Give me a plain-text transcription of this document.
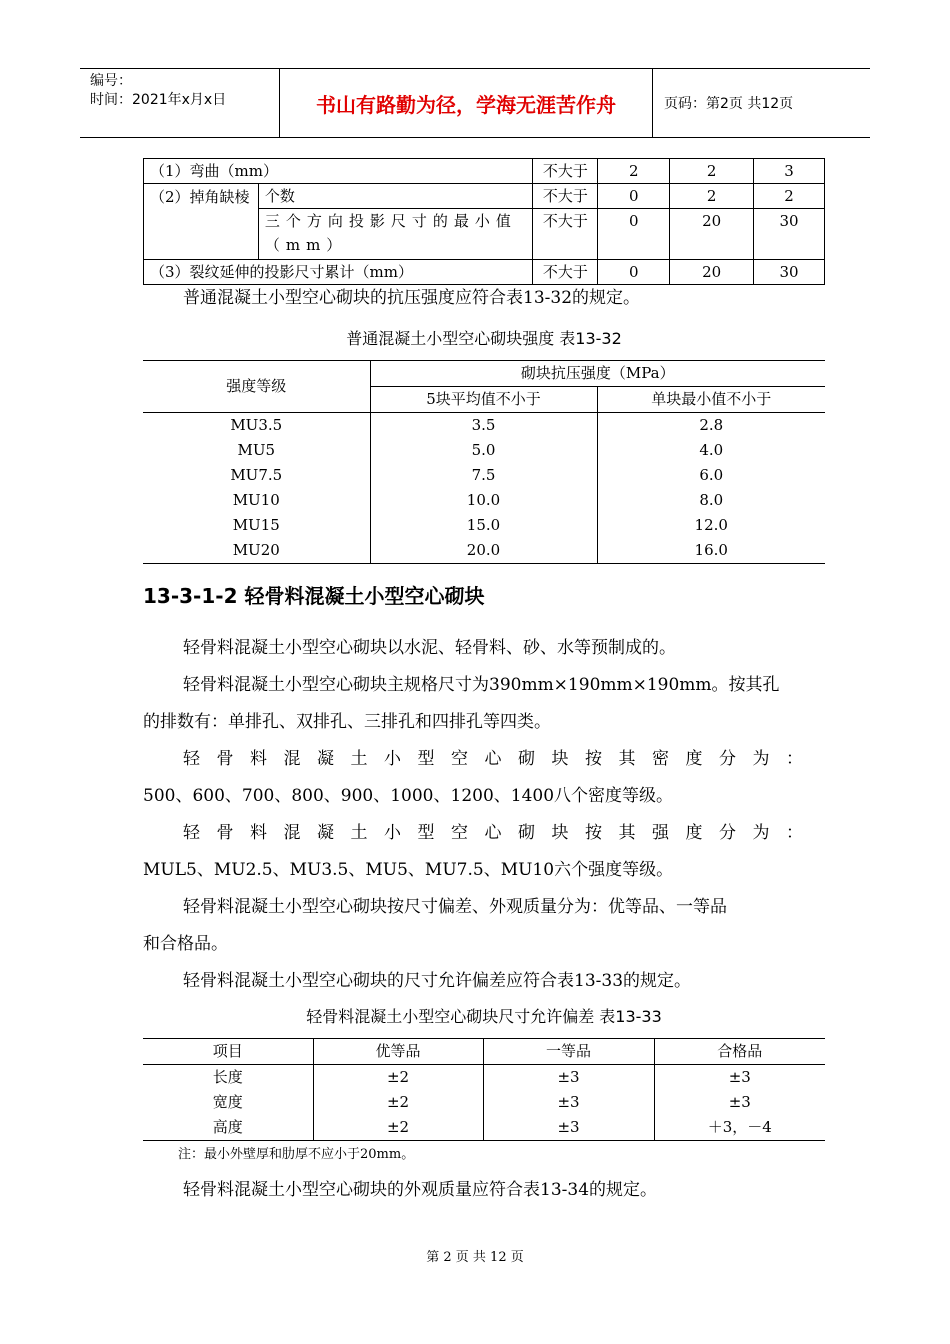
编号：
时间：2021年x月x日	书山有路勤为径，学海无涯苦作舟	页码：第2页 共12页
（1）弯曲（mm）		不大于	2	2	3
（2）掉角缺棱	个数	不大于	0	2	2
	三个方向投影尺寸的最小值（mm）	不大于	0	20	30
（3）裂纹延伸的投影尺寸累计（mm）		不大于	0	20	30
普通混凝土小型空心砌块的抗压强度应符合表13-32的规定。
普通混凝土小型空心砌块强度 表13-32
强度等级	砌块抗压强度（MPa）	
	5块平均值不小于	单块最小值不小于
MU3.5	3.5	2.8
MU5	5.0	4.0
MU7.5	7.5	6.0
MU10	10.0	8.0
MU15	15.0	12.0
MU20	20.0	16.0
13-3-1-2 轻骨料混凝土小型空心砌块
轻骨料混凝土小型空心砌块以水泥、轻骨料、砂、水等预制成的。
轻骨料混凝土小型空心砌块主规格尺寸为390mm×190mm×190mm。按其孔
的排数有：单排孔、双排孔、三排孔和四排孔等四类。
轻骨料混凝土小型空心砌块按其密度分为：
500、600、700、800、900、1000、1200、1400八个密度等级。
轻骨料混凝土小型空心砌块按其强度分为：
MUL5、MU2.5、MU3.5、MU5、MU7.5、MU10六个强度等级。
轻骨料混凝土小型空心砌块按尺寸偏差、外观质量分为：优等品、一等品
和合格品。
轻骨料混凝土小型空心砌块的尺寸允许偏差应符合表13-33的规定。
轻骨料混凝土小型空心砌块尺寸允许偏差 表13-33
项目	优等品	一等品	合格品
长度	±2	±3	±3
宽度	±2	±3	±3
高度	±2	±3	＋3，－4
注：最小外壁厚和肋厚不应小于20mm。
轻骨料混凝土小型空心砌块的外观质量应符合表13-34的规定。
第 2 页 共 12 页
